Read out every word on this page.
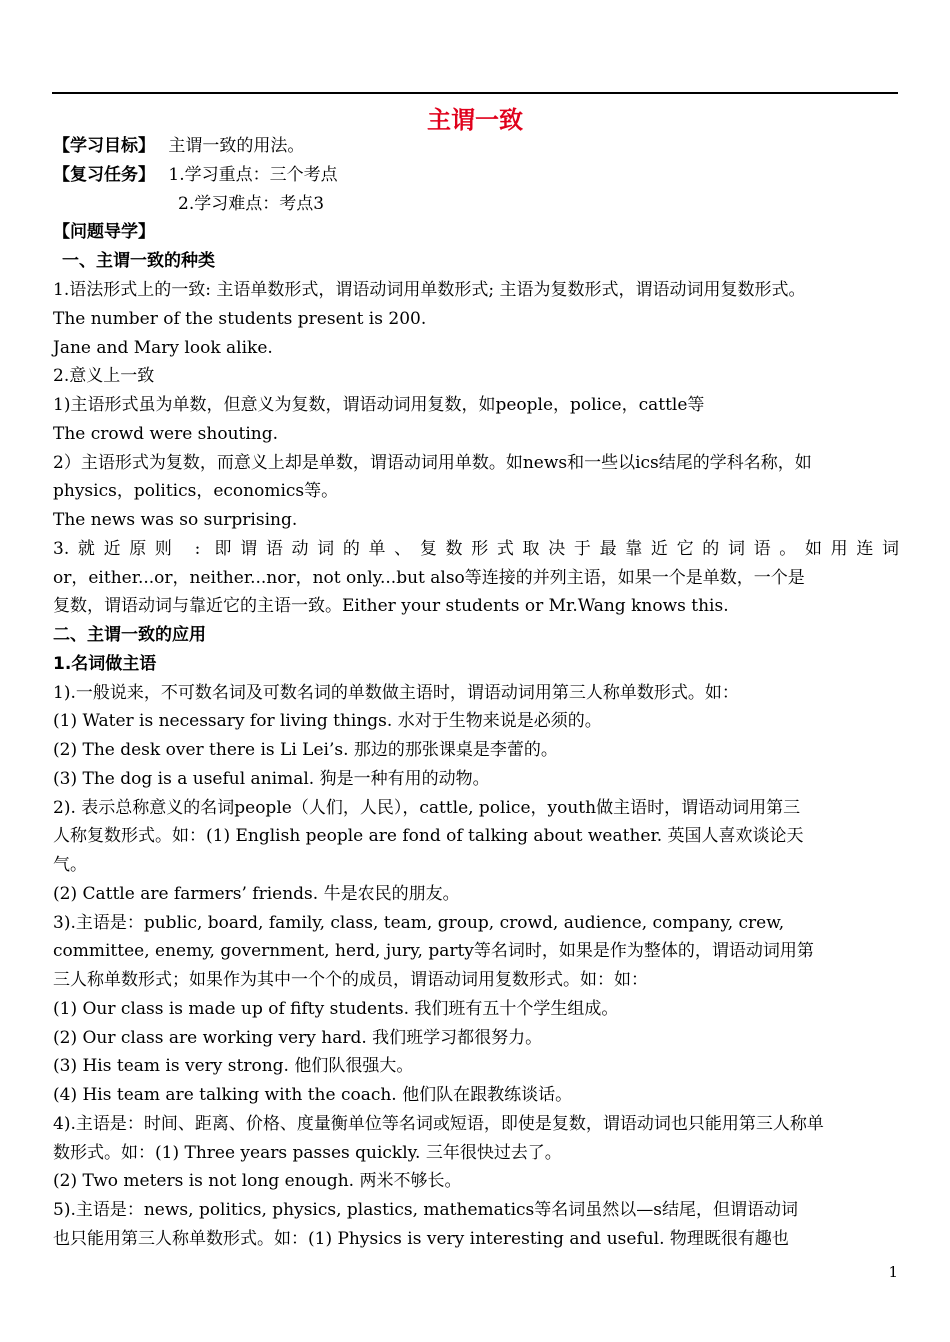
主谓一致
【学习目标】 主谓一致的用法。
【复习任务】 1.学习重点：三个考点
2.学习难点：考点3
【问题导学】
一、主谓一致的种类
1.语法形式上的一致: 主语单数形式，谓语动词用单数形式; 主语为复数形式，谓语动词用复数形式。
The number of the students present is 200.
Jane and Mary look alike.
2.意义上一致
1)主语形式虽为单数，但意义为复数，谓语动词用复数，如people，police，cattle等
The crowd were shouting.
2）主语形式为复数，而意义上却是单数，谓语动词用单数。如news和一些以ics结尾的学科名称，如
physics，politics，economics等。
The news was so surprising.
3.就近原则 : 即谓语动词的单、复数形式取决于最靠近它的词语。如用连词
or，either...or，neither...nor，not only...but also等连接的并列主语，如果一个是单数，一个是
复数，谓语动词与靠近它的主语一致。Either your students or Mr.Wang knows this.
二、主谓一致的应用
1.名词做主语
1).一般说来，不可数名词及可数名词的单数做主语时，谓语动词用第三人称单数形式。如：
(1) Water is necessary for living things. 水对于生物来说是必须的。
(2) The desk over there is Li Lei’s. 那边的那张课桌是李蕾的。
(3) The dog is a useful animal. 狗是一种有用的动物。
2). 表示总称意义的名词people（人们，人民），cattle, police，youth做主语时，谓语动词用第三
人称复数形式。如：(1) English people are fond of talking about weather. 英国人喜欢谈论天
气。
(2) Cattle are farmers’ friends. 牛是农民的朋友。
3).主语是：public, board, family, class, team, group, crowd, audience, company, crew,
committee, enemy, government, herd, jury, party等名词时，如果是作为整体的，谓语动词用第
三人称单数形式；如果作为其中一个个的成员，谓语动词用复数形式。如：如：
(1) Our class is made up of fifty students. 我们班有五十个学生组成。
(2) Our class are working very hard. 我们班学习都很努力。
(3) His team is very strong. 他们队很强大。
(4) His team are talking with the coach. 他们队在跟教练谈话。
4).主语是：时间、距离、价格、度量衡单位等名词或短语，即使是复数，谓语动词也只能用第三人称单
数形式。如：(1) Three years passes quickly. 三年很快过去了。
(2) Two meters is not long enough. 两米不够长。
5).主语是：news, politics, physics, plastics, mathematics等名词虽然以—s结尾，但谓语动词
也只能用第三人称单数形式。如：(1) Physics is very interesting and useful. 物理既很有趣也
1
